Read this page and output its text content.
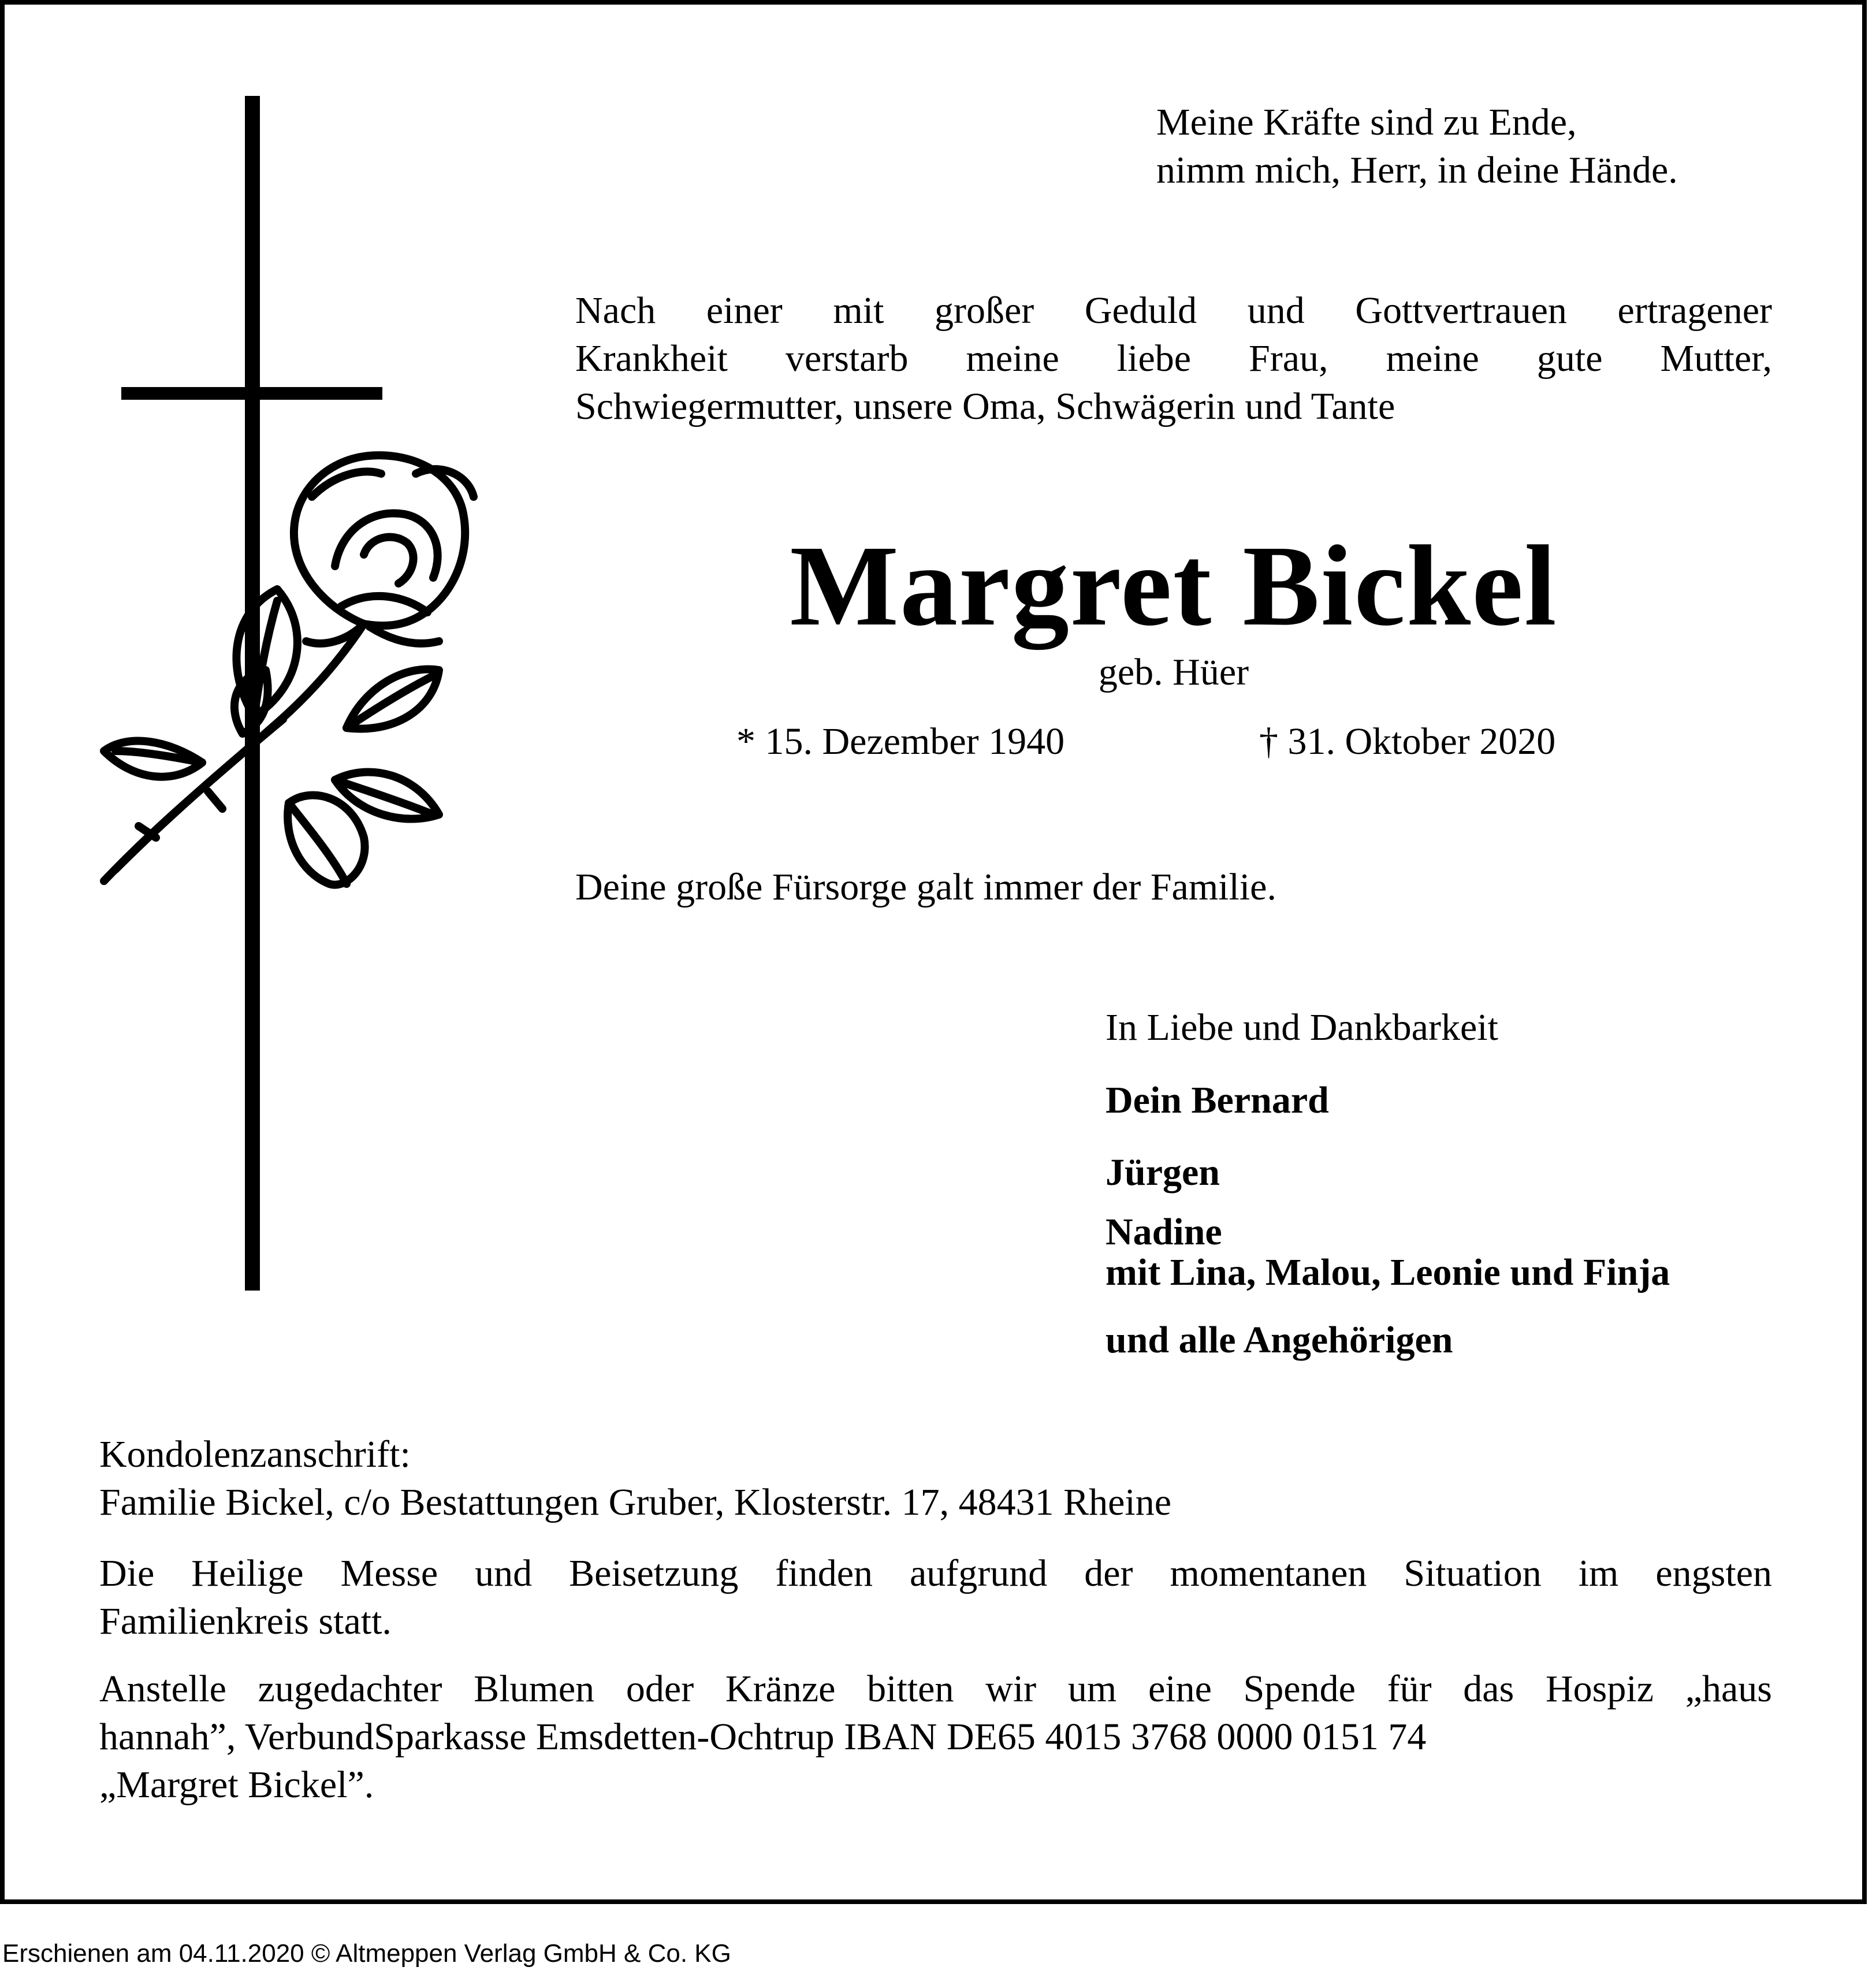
Meine Kräfte sind zu Ende,
nimm mich, Herr, in deine Hände.
Nach einer mit großer Geduld und Gottvertrauen ertragener
Krankheit verstarb meine liebe Frau, meine gute Mutter,
Schwiegermutter, unsere Oma, Schwägerin und Tante
Margret Bickel
geb. Hüer
* 15. Dezember 1940	† 31. Oktober 2020
Deine große Fürsorge galt immer der Familie.
In Liebe und Dankbarkeit
Dein Bernard
Jürgen
Nadine
mit Lina, Malou, Leonie und Finja
und alle Angehörigen
Kondolenzanschrift:
Familie Bickel, c/o Bestattungen Gruber, Klosterstr. 17, 48431 Rheine
Die Heilige Messe und Beisetzung finden aufgrund der momentanen Situation im engsten
Familienkreis statt.
Anstelle zugedachter Blumen oder Kränze bitten wir um eine Spende für das Hospiz „haus
hannah”, VerbundSparkasse Emsdetten-Ochtrup IBAN DE65 4015 3768 0000 0151 74
„Margret Bickel”.
Erschienen am 04.11.2020 © Altmeppen Verlag GmbH & Co. KG
